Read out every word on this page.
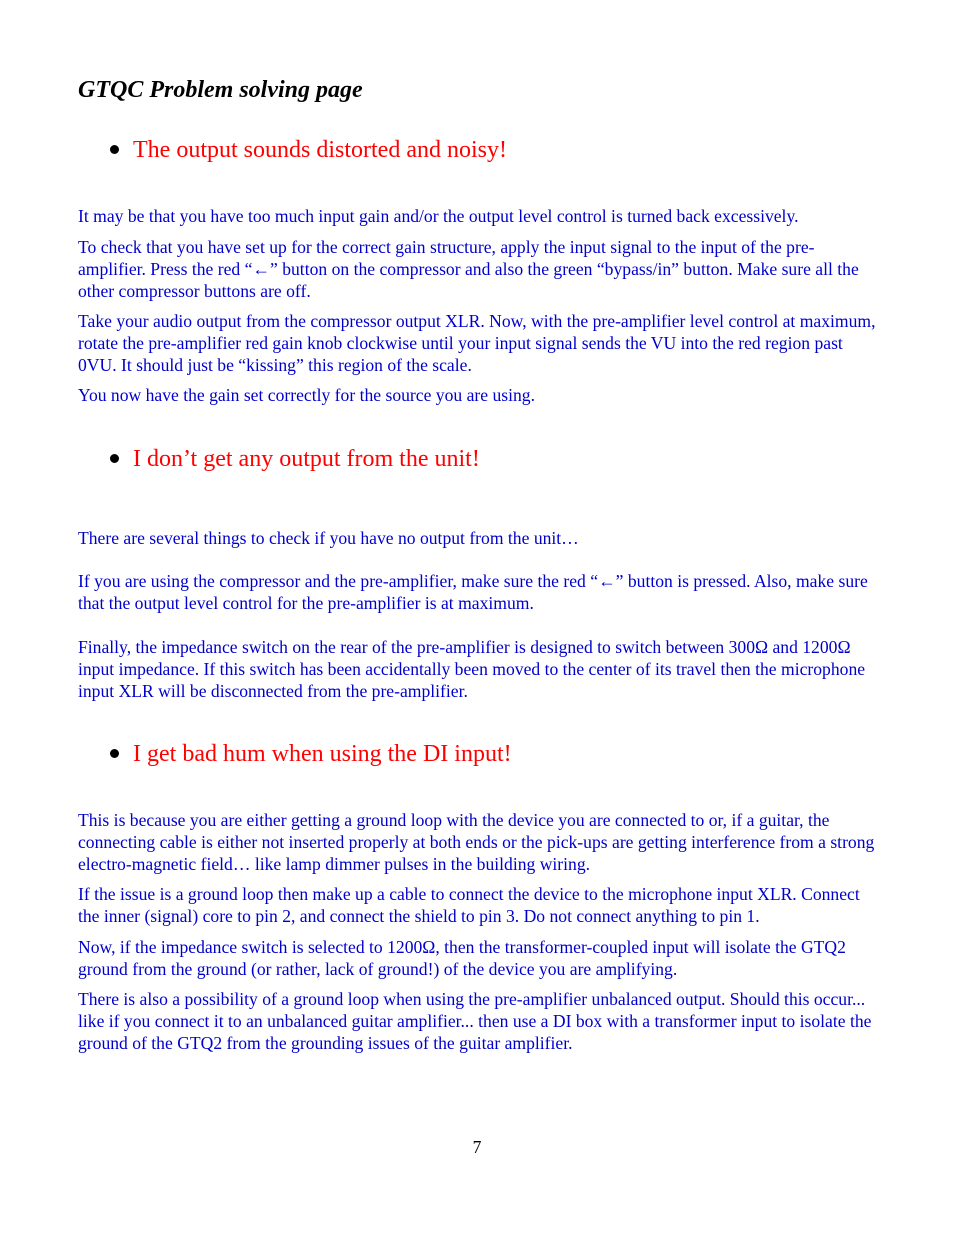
GTQC Problem solving page
The output sounds distorted and noisy!

It may be that you have too much input gain and/or the output level control is turned back excessively.

To check that you have set up for the correct gain structure, apply the input signal to the input of the pre-amplifier. Press the red “←” button on the compressor and also the green “bypass/in” button. Make sure all the other compressor buttons are off.

Take your audio output from the compressor output XLR. Now, with the pre-amplifier level control at maximum, rotate the pre-amplifier red gain knob clockwise until your input signal sends the VU into the red region past 0VU. It should just be “kissing” this region of the scale.

You now have the gain set correctly for the source you are using.

I don’t get any output from the unit!

There are several things to check if you have no output from the unit…

If you are using the compressor and the pre-amplifier, make sure the red “←” button is pressed. Also, make sure that the output level control for the pre-amplifier is at maximum.

Finally, the impedance switch on the rear of the pre-amplifier is designed to switch between 300Ω and 1200Ω input impedance. If this switch has been accidentally been moved to the center of its travel then the microphone input XLR will be disconnected from the pre-amplifier.

I get bad hum when using the DI input!

This is because you are either getting a ground loop with the device you are connected to or, if a guitar, the connecting cable is either not inserted properly at both ends or the pick-ups are getting interference from a strong electro-magnetic field… like lamp dimmer pulses in the building wiring.

If the issue is a ground loop then make up a cable to connect the device to the microphone input XLR. Connect the inner (signal) core to pin 2, and connect the shield to pin 3. Do not connect anything to pin 1.

Now, if the impedance switch is selected to 1200Ω, then the transformer-coupled input will isolate the GTQ2 ground from the ground (or rather, lack of ground!) of the device you are amplifying.

There is also a possibility of a ground loop when using the pre-amplifier unbalanced output. Should this occur... like if you connect it to an unbalanced guitar amplifier... then use a DI box with a transformer input to isolate the ground of the GTQ2 from the grounding issues of the guitar amplifier.

7
